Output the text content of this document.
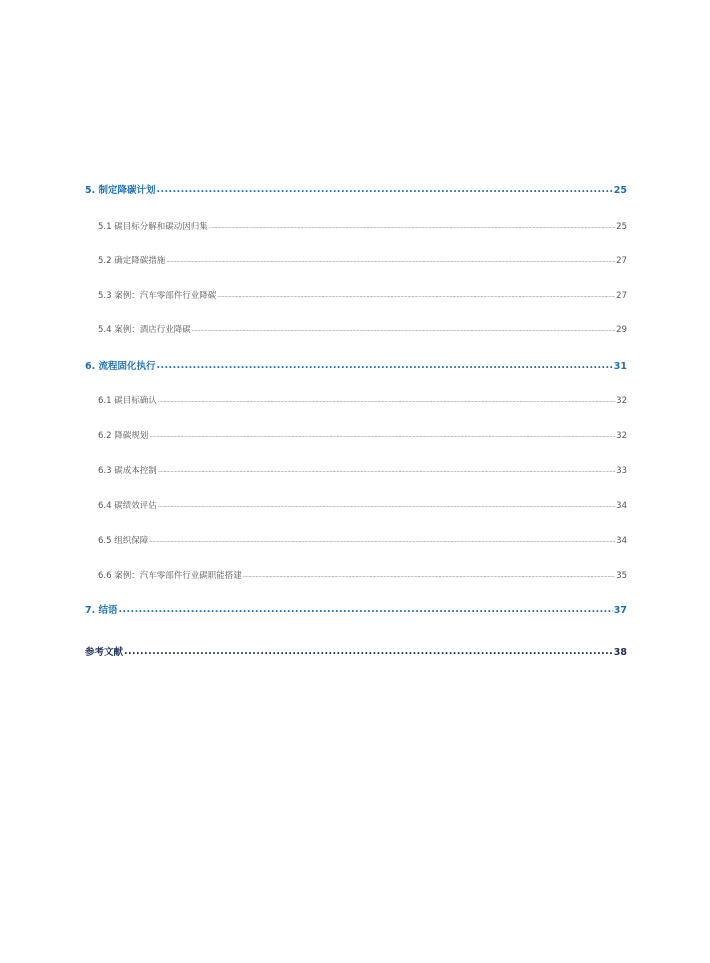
5. 制定降碳计划 .....	25
5.1 碳目标分解和碳动因归集 .....	25
5.2 确定降碳措施 .....	27
5.3 案例：汽车零部件行业降碳 .....	27
5.4 案例：酒店行业降碳 .....	29
6. 流程固化执行 .....	31
6.1 碳目标确认 .....	32
6.2 降碳规划 .....	32
6.3 碳成本控制 .....	33
6.4 碳绩效评估 .....	34
6.5 组织保障 .....	34
6.6 案例：汽车零部件行业碳职能搭建 .....	35
7. 结语 .....	37
参考文献 .....	38
